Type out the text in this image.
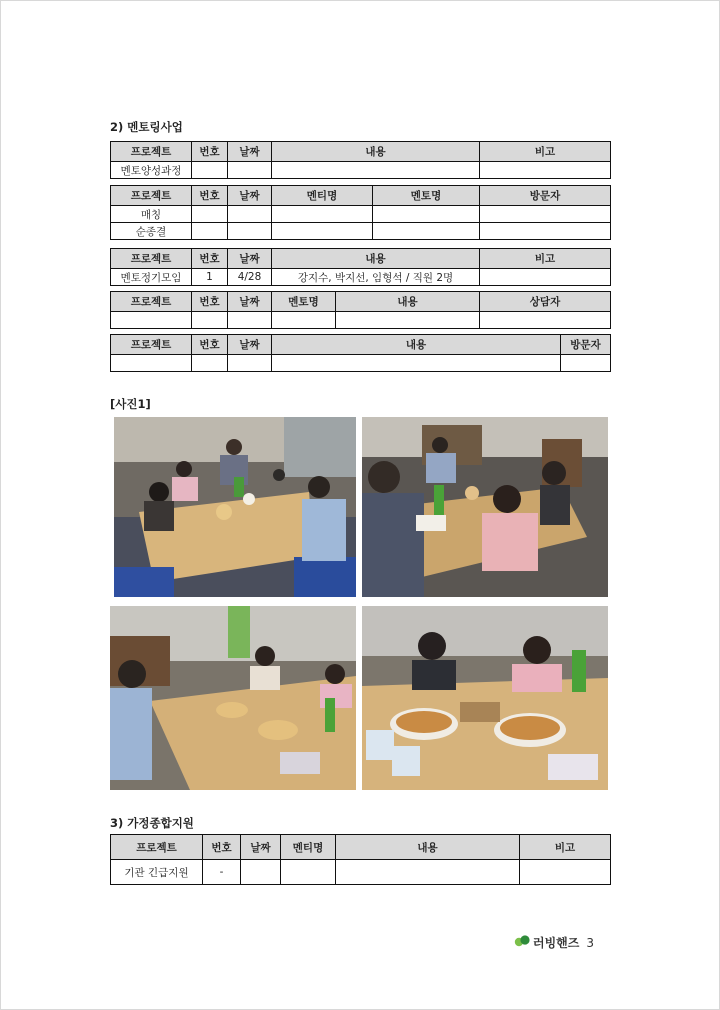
2) 멘토링사업
프로젝트	번호	날짜	내용	비고
멘토양성과정				
프로젝트	번호	날짜	멘티명	멘토명	방문자
매칭					
순종결					
프로젝트	번호	날짜	내용	비고
멘토정기모임	1	4/28	강지수, 박지선, 임형석 / 직원 2명	
프로젝트	번호	날짜	멘토명	내용	상담자

프로젝트	번호	날짜	내용	방문자

[사진1]
3) 가정종합지원
프로젝트	번호	날짜	멘티명	내용	비고
기관 긴급지원	-				
러빙핸즈 3
